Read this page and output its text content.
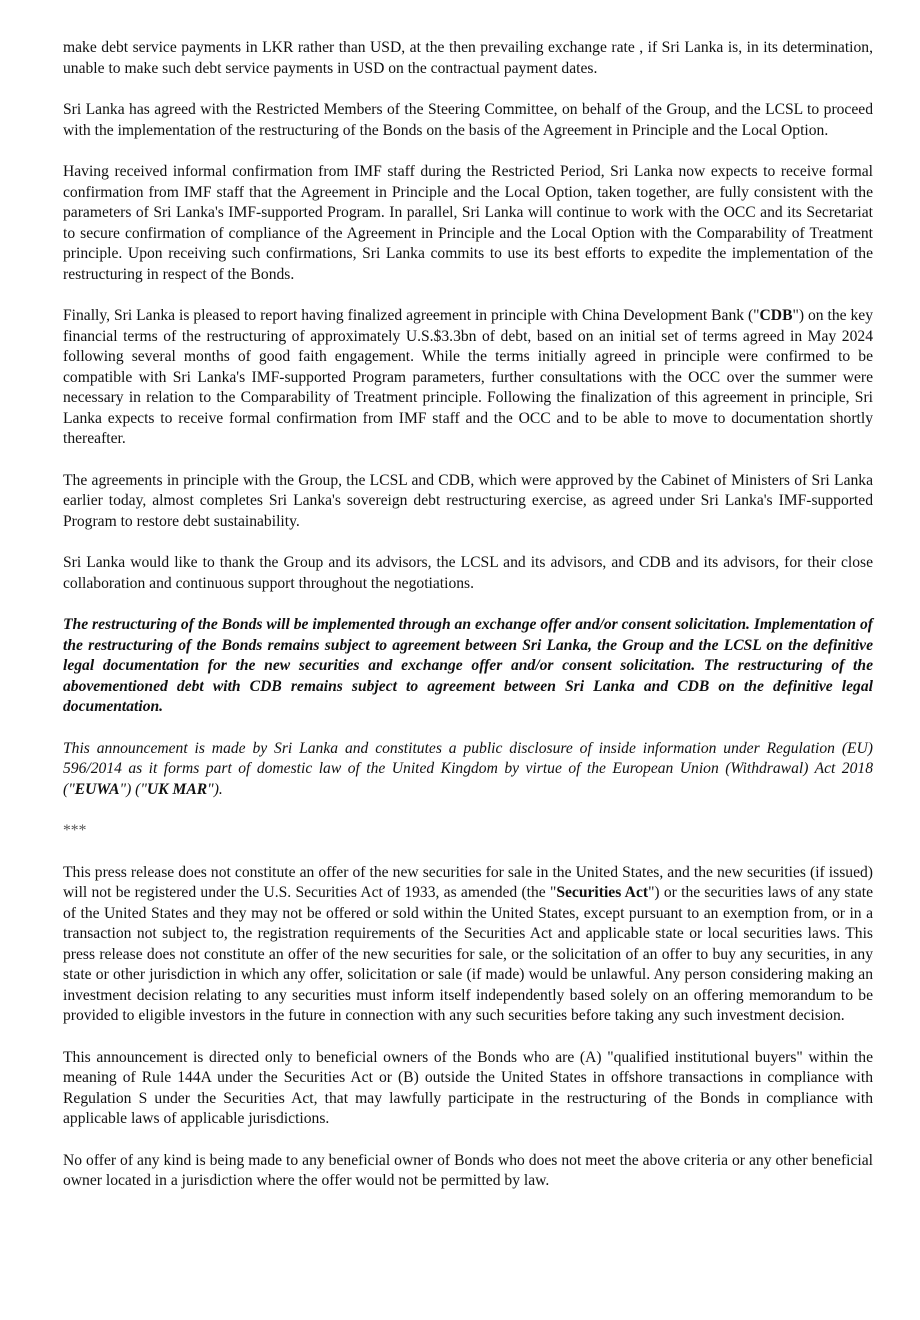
make debt service payments in LKR rather than USD, at the then prevailing exchange rate , if Sri Lanka is, in its determination, unable to make such debt service payments in USD on the contractual payment dates.

Sri Lanka has agreed with the Restricted Members of the Steering Committee, on behalf of the Group, and the LCSL to proceed with the implementation of the restructuring of the Bonds on the basis of the Agreement in Principle and the Local Option.

Having received informal confirmation from IMF staff during the Restricted Period, Sri Lanka now expects to receive formal confirmation from IMF staff that the Agreement in Principle and the Local Option, taken together, are fully consistent with the parameters of Sri Lanka's IMF-supported Program. In parallel, Sri Lanka will continue to work with the OCC and its Secretariat to secure confirmation of compliance of the Agreement in Principle and the Local Option with the Comparability of Treatment principle. Upon receiving such confirmations, Sri Lanka commits to use its best efforts to expedite the implementation of the restructuring in respect of the Bonds.

Finally, Sri Lanka is pleased to report having finalized agreement in principle with China Development Bank ("CDB") on the key financial terms of the restructuring of approximately U.S.$3.3bn of debt, based on an initial set of terms agreed in May 2024 following several months of good faith engagement. While the terms initially agreed in principle were confirmed to be compatible with Sri Lanka's IMF-supported Program parameters, further consultations with the OCC over the summer were necessary in relation to the Comparability of Treatment principle. Following the finalization of this agreement in principle, Sri Lanka expects to receive formal confirmation from IMF staff and the OCC and to be able to move to documentation shortly thereafter.

The agreements in principle with the Group, the LCSL and CDB, which were approved by the Cabinet of Ministers of Sri Lanka earlier today, almost completes Sri Lanka's sovereign debt restructuring exercise, as agreed under Sri Lanka's IMF-supported Program to restore debt sustainability.

Sri Lanka would like to thank the Group and its advisors, the LCSL and its advisors, and CDB and its advisors, for their close collaboration and continuous support throughout the negotiations.

The restructuring of the Bonds will be implemented through an exchange offer and/or consent solicitation. Implementation of the restructuring of the Bonds remains subject to agreement between Sri Lanka, the Group and the LCSL on the definitive legal documentation for the new securities and exchange offer and/or consent solicitation. The restructuring of the abovementioned debt with CDB remains subject to agreement between Sri Lanka and CDB on the definitive legal documentation.

This announcement is made by Sri Lanka and constitutes a public disclosure of inside information under Regulation (EU) 596/2014 as it forms part of domestic law of the United Kingdom by virtue of the European Union (Withdrawal) Act 2018 ("EUWA") ("UK MAR").

***

This press release does not constitute an offer of the new securities for sale in the United States, and the new securities (if issued) will not be registered under the U.S. Securities Act of 1933, as amended (the "Securities Act") or the securities laws of any state of the United States and they may not be offered or sold within the United States, except pursuant to an exemption from, or in a transaction not subject to, the registration requirements of the Securities Act and applicable state or local securities laws. This press release does not constitute an offer of the new securities for sale, or the solicitation of an offer to buy any securities, in any state or other jurisdiction in which any offer, solicitation or sale (if made) would be unlawful. Any person considering making an investment decision relating to any securities must inform itself independently based solely on an offering memorandum to be provided to eligible investors in the future in connection with any such securities before taking any such investment decision.

This announcement is directed only to beneficial owners of the Bonds who are (A) "qualified institutional buyers" within the meaning of Rule 144A under the Securities Act or (B) outside the United States in offshore transactions in compliance with Regulation S under the Securities Act, that may lawfully participate in the restructuring of the Bonds in compliance with applicable laws of applicable jurisdictions.

No offer of any kind is being made to any beneficial owner of Bonds who does not meet the above criteria or any other beneficial owner located in a jurisdiction where the offer would not be permitted by law.
